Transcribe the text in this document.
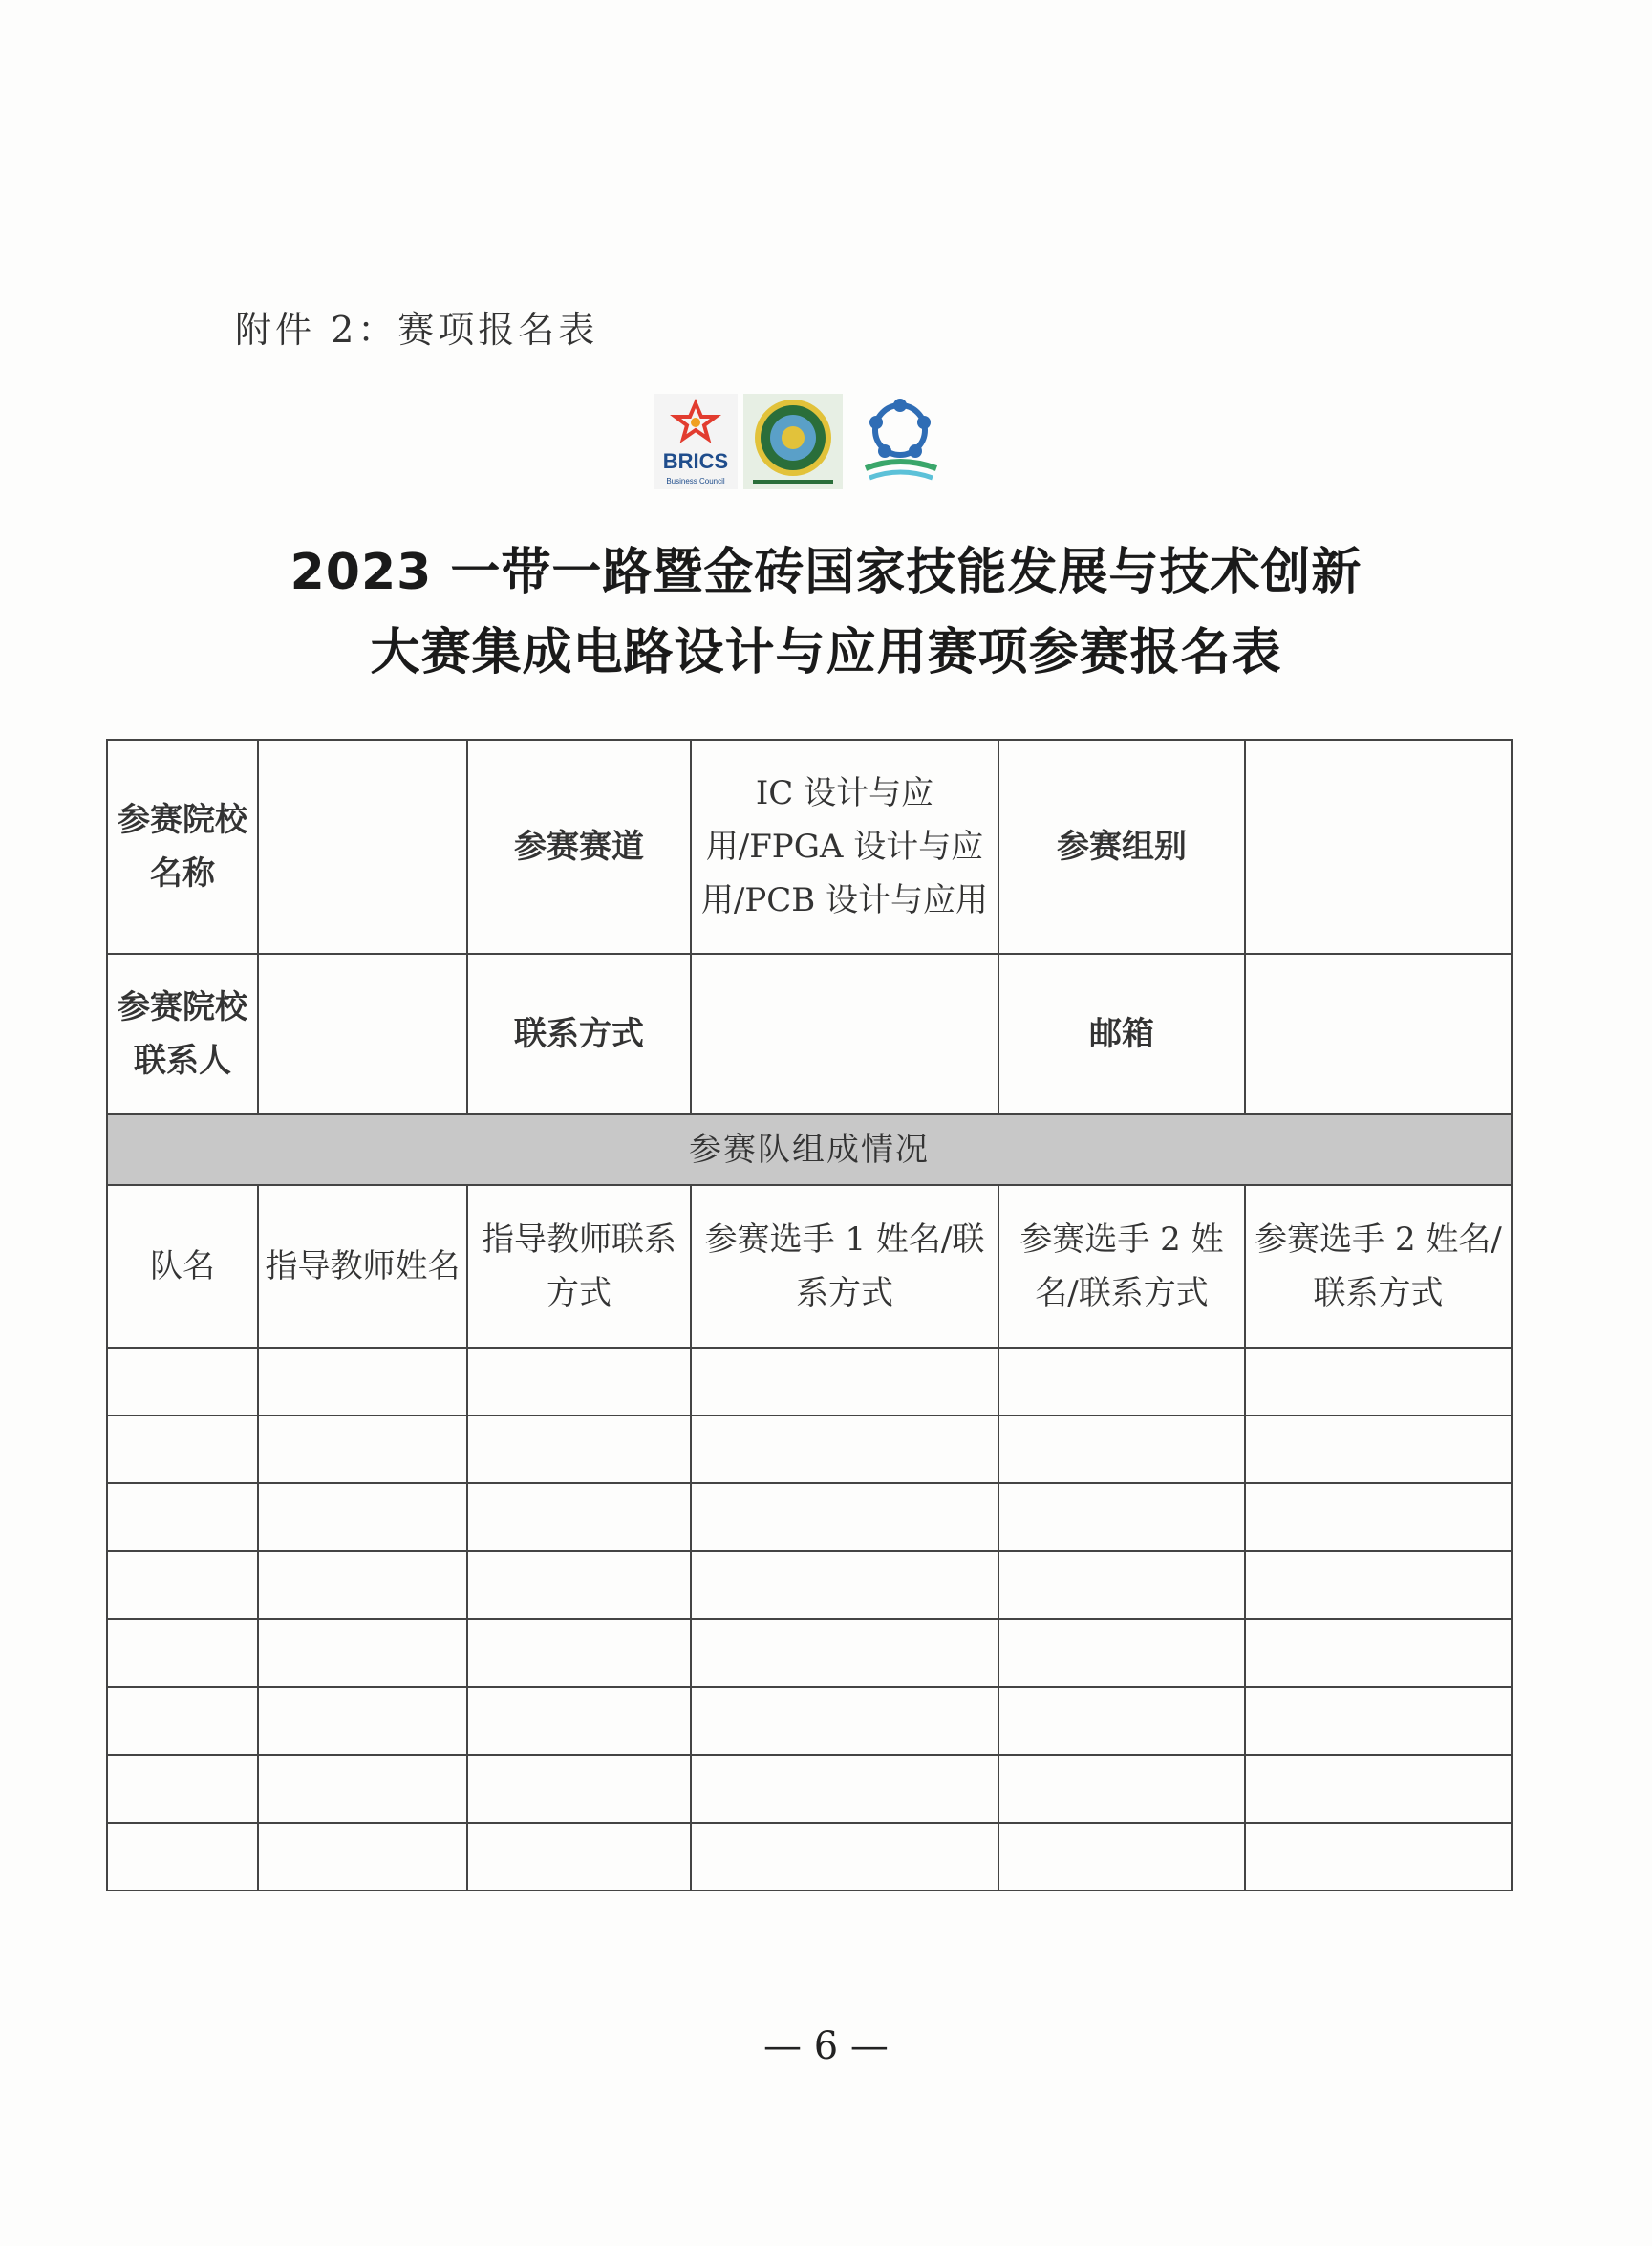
附件 2：赛项报名表
BRICS
Business Council
2023 一带一路暨金砖国家技能发展与技术创新
大赛集成电路设计与应用赛项参赛报名表
参赛院校名称		参赛赛道	IC 设计与应用/FPGA 设计与应用/PCB 设计与应用	参赛组别	
参赛院校联系人		联系方式		邮箱	
参赛队组成情况					
队名	指导教师姓名	指导教师联系方式	参赛选手 1 姓名/联系方式	参赛选手 2 姓名/联系方式	参赛选手 2 姓名/联系方式

— 6 —
